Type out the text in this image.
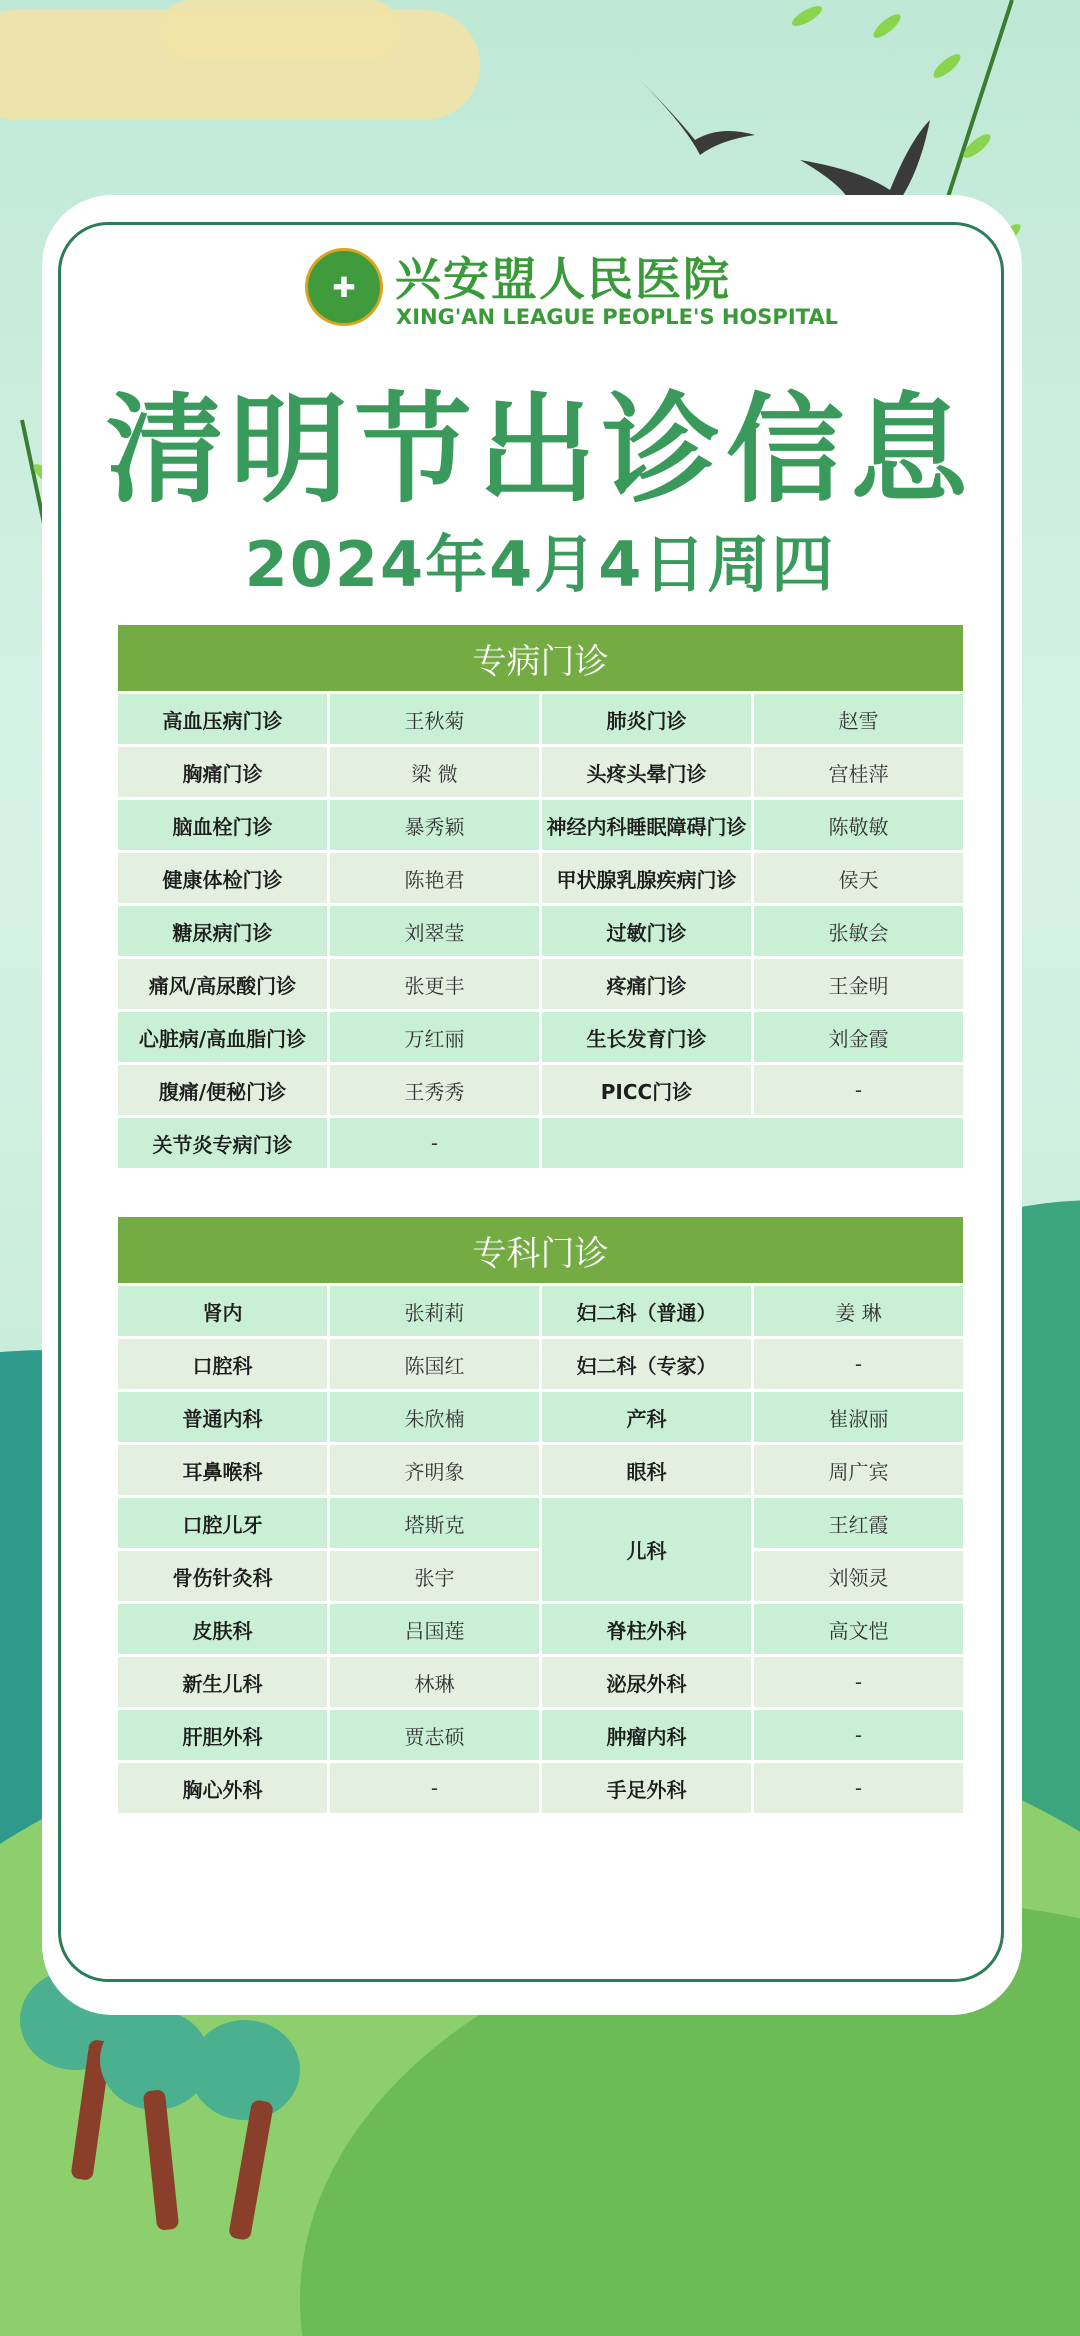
✚ 兴安盟人民医院
XING'AN LEAGUE PEOPLE'S HOSPITAL
清明节出诊信息
2024年4月4日周四
专病门诊
高血压病门诊	王秋菊	肺炎门诊	赵雪
胸痛门诊	梁 微	头疼头晕门诊	宫桂萍
脑血栓门诊	暴秀颖	神经内科睡眠障碍门诊	陈敬敏
健康体检门诊	陈艳君	甲状腺乳腺疾病门诊	侯天
糖尿病门诊	刘翠莹	过敏门诊	张敏会
痛风/高尿酸门诊	张更丰	疼痛门诊	王金明
心脏病/高血脂门诊	万红丽	生长发育门诊	刘金霞
腹痛/便秘门诊	王秀秀	PICC门诊	-
关节炎专病门诊	-		
专科门诊
肾内	张莉莉	妇二科（普通）	姜 琳
口腔科	陈国红	妇二科（专家）	-
普通内科	朱欣楠	产科	崔淑丽
耳鼻喉科	齐明象	眼科	周广宾
口腔儿牙	塔斯克	儿科	王红霞
骨伤针灸科	张宇		刘领灵
皮肤科	吕国莲	脊柱外科	高文恺
新生儿科	林琳	泌尿外科	-
肝胆外科	贾志硕	肿瘤内科	-
胸心外科	-	手足外科	-
